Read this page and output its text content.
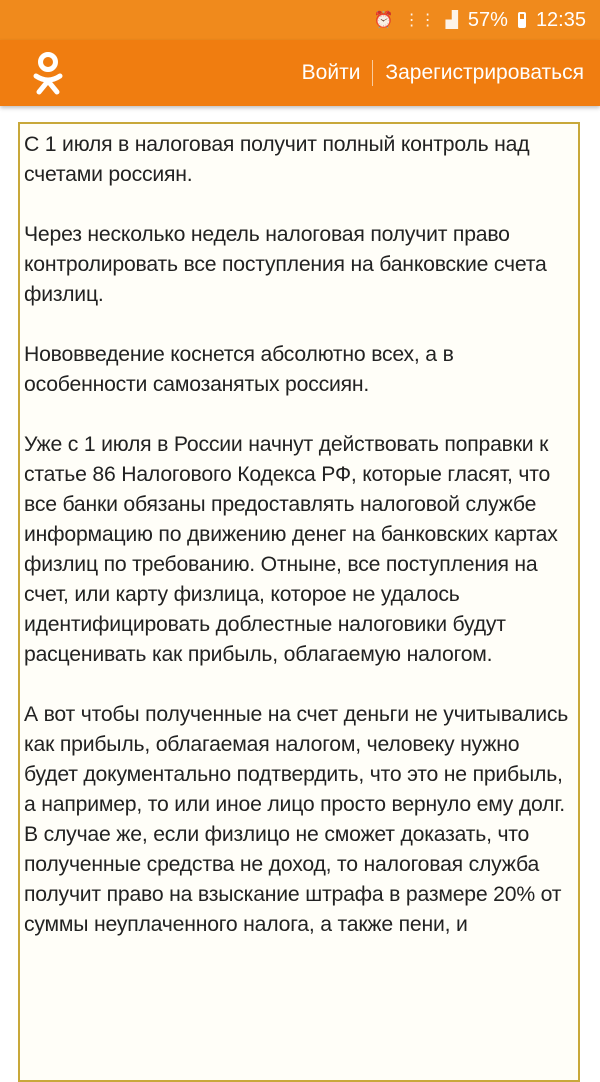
⏰ ⋮⋮ ▟ 57% 12:35
Войти	Зарегистрироваться

С 1 июля в налоговая получит полный контроль над счетами россиян.

Через несколько недель налоговая получит право контролировать все поступления на банковские счета физлиц.

Нововведение коснется абсолютно всех, а в особенности самозанятых россиян.

Уже с 1 июля в России начнут действовать поправки к статье 86 Налогового Кодекса РФ, которые гласят, что все банки обязаны предоставлять налоговой службе информацию по движению денег на банковских картах физлиц по требованию. Отныне, все поступления на счет, или карту физлица, которое не удалось идентифицировать доблестные налоговики будут расценивать как прибыль, облагаемую налогом.

А вот чтобы полученные на счет деньги не учитывались как прибыль, облагаемая налогом, человеку нужно будет документально подтвердить, что это не прибыль, а например, то или иное лицо просто вернуло ему долг. В случае же, если физлицо не сможет доказать, что полученные средства не доход, то налоговая служба получит право на взыскание штрафа в размере 20% от суммы неуплаченного налога, а также пени, и
